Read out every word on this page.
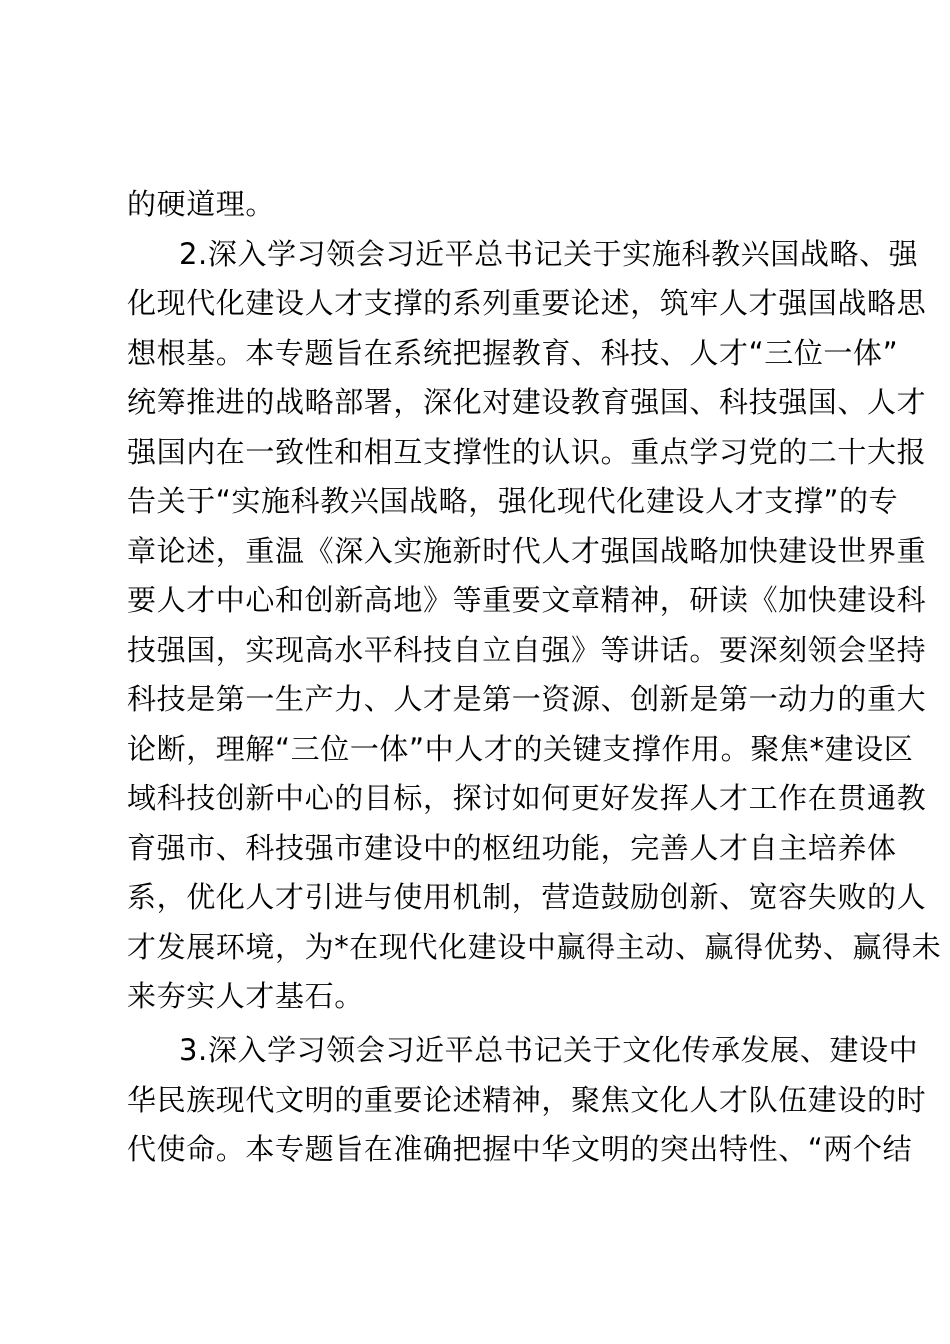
的硬道理。
2.深入学习领会习近平总书记关于实施科教兴国战略、强
化现代化建设人才支撑的系列重要论述，筑牢人才强国战略思
想根基。本专题旨在系统把握教育、科技、人才“三位一体”
统筹推进的战略部署，深化对建设教育强国、科技强国、人才
强国内在一致性和相互支撑性的认识。重点学习党的二十大报
告关于“实施科教兴国战略，强化现代化建设人才支撑”的专
章论述，重温《深入实施新时代人才强国战略加快建设世界重
要人才中心和创新高地》等重要文章精神，研读《加快建设科
技强国，实现高水平科技自立自强》等讲话。要深刻领会坚持
科技是第一生产力、人才是第一资源、创新是第一动力的重大
论断，理解“三位一体”中人才的关键支撑作用。聚焦*建设区
域科技创新中心的目标，探讨如何更好发挥人才工作在贯通教
育强市、科技强市建设中的枢纽功能，完善人才自主培养体
系，优化人才引进与使用机制，营造鼓励创新、宽容失败的人
才发展环境，为*在现代化建设中赢得主动、赢得优势、赢得未
来夯实人才基石。
3.深入学习领会习近平总书记关于文化传承发展、建设中
华民族现代文明的重要论述精神，聚焦文化人才队伍建设的时
代使命。本专题旨在准确把握中华文明的突出特性、“两个结
